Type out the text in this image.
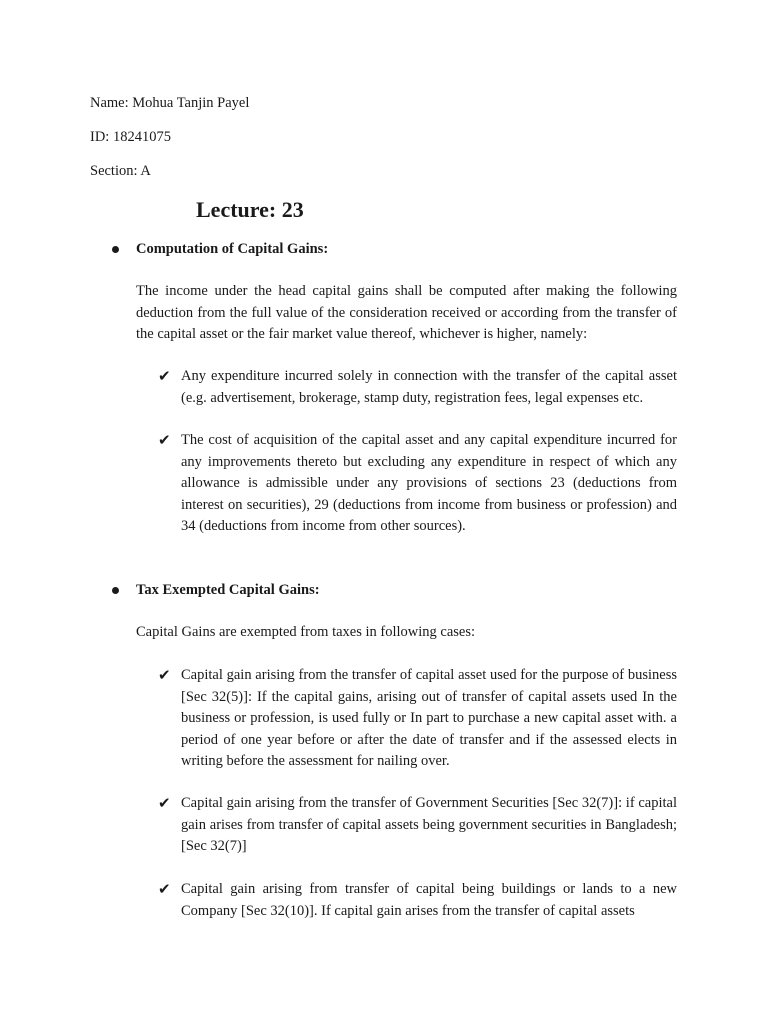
Name: Mohua Tanjin Payel
ID: 18241075
Section: A
Lecture: 23
Computation of Capital Gains:

The income under the head capital gains shall be computed after making the following deduction from the full value of the consideration received or according from the transfer of the capital asset or the fair market value thereof, whichever is higher, namely:

✔ Any expenditure incurred solely in connection with the transfer of the capital asset (e.g. advertisement, brokerage, stamp duty, registration fees, legal expenses etc.

✔ The cost of acquisition of the capital asset and any capital expenditure incurred for any improvements thereto but excluding any expenditure in respect of which any allowance is admissible under any provisions of sections 23 (deductions from interest on securities), 29 (deductions from income from business or profession) and 34 (deductions from income from other sources).

Tax Exempted Capital Gains:

Capital Gains are exempted from taxes in following cases:

✔ Capital gain arising from the transfer of capital asset used for the purpose of business [Sec 32(5)]: If the capital gains, arising out of transfer of capital assets used In the business or profession, is used fully or In part to purchase a new capital asset with. a period of one year before or after the date of transfer and if the assessed elects in writing before the assessment for nailing over.

✔ Capital gain arising from the transfer of Government Securities [Sec 32(7)]: if capital gain arises from transfer of capital assets being government securities in Bangladesh; [Sec 32(7)]

✔ Capital gain arising from transfer of capital being buildings or lands to a new Company [Sec 32(10)]. If capital gain arises from the transfer of capital assets
